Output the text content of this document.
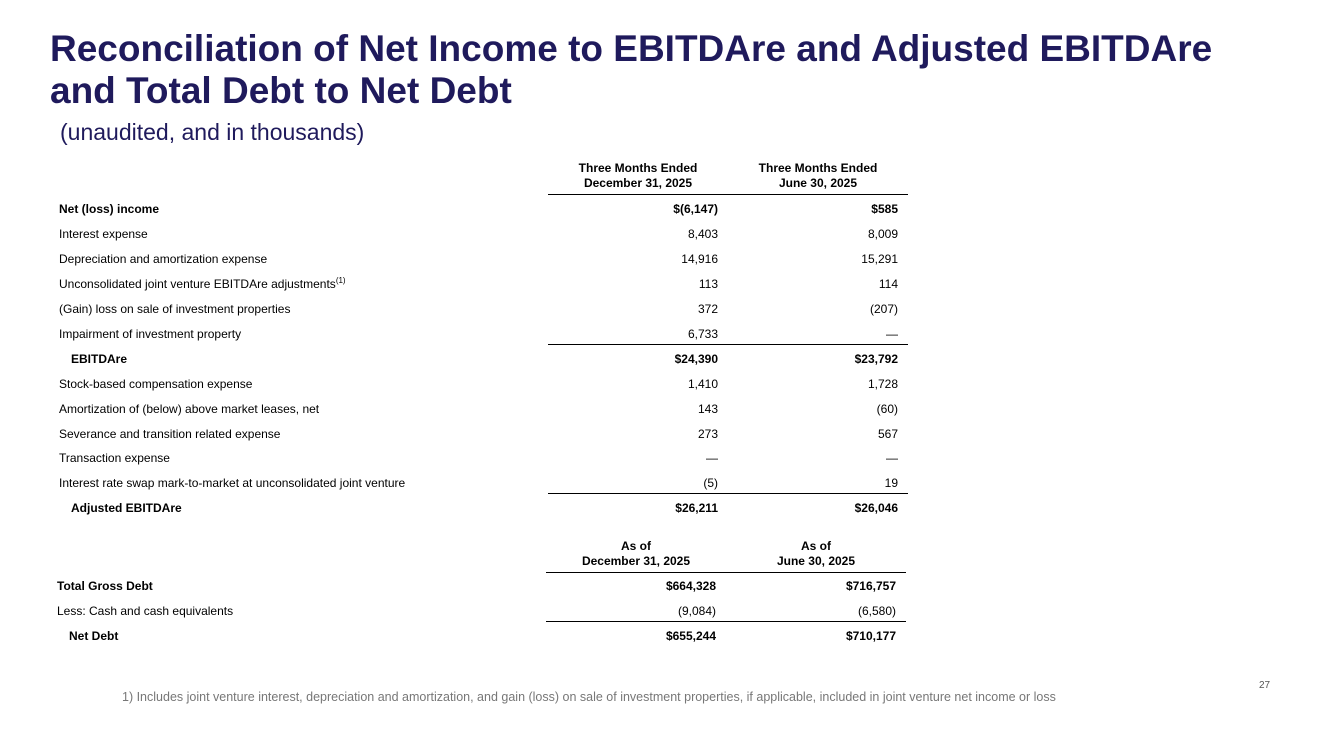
Reconciliation of Net Income to EBITDAre and Adjusted EBITDAre
and Total Debt to Net Debt
(unaudited, and in thousands)
Three Months Ended
December 31, 2025
Three Months Ended
June 30, 2025
Net (loss) income	$(6,147)	$585
Interest expense	8,403	8,009
Depreciation and amortization expense	14,916	15,291
Unconsolidated joint venture EBITDAre adjustments$^{(1)}$	113	114
(Gain) loss on sale of investment properties	372	(207)
Impairment of investment property	6,733	—
EBITDAre	$24,390	$23,792
Stock-based compensation expense	1,410	1,728
Amortization of (below) above market leases, net	143	(60)
Severance and transition related expense	273	567
Transaction expense	—	—
Interest rate swap mark-to-market at unconsolidated joint venture	(5)	19
Adjusted EBITDAre	$26,211	$26,046
As of
December 31, 2025
As of
June 30, 2025
Total Gross Debt	$664,328	$716,757
Less: Cash and cash equivalents	(9,084)	(6,580)
Net Debt	$655,244	$710,177
27
1) Includes joint venture interest, depreciation and amortization, and gain (loss) on sale of investment properties, if applicable, included in joint venture net income or loss
